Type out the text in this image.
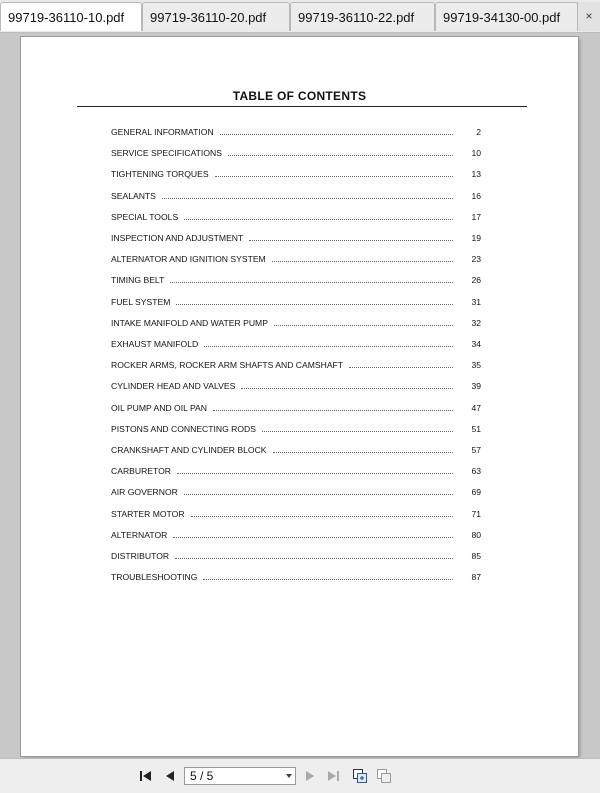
99719-36110-10.pdf	99719-36110-20.pdf	99719-36110-22.pdf	99719-34130-00.pdf	×
TABLE OF CONTENTS
GENERAL INFORMATION	2
SERVICE SPECIFICATIONS	10
TIGHTENING TORQUES	13
SEALANTS	16
SPECIAL TOOLS	17
INSPECTION AND ADJUSTMENT	19
ALTERNATOR AND IGNITION SYSTEM	23
TIMING BELT	26
FUEL SYSTEM	31
INTAKE MANIFOLD AND WATER PUMP	32
EXHAUST MANIFOLD	34
ROCKER ARMS, ROCKER ARM SHAFTS AND CAMSHAFT	35
CYLINDER HEAD AND VALVES	39
OIL PUMP AND OIL PAN	47
PISTONS AND CONNECTING RODS	51
CRANKSHAFT AND CYLINDER BLOCK	57
CARBURETOR	63
AIR GOVERNOR	69
STARTER MOTOR	71
ALTERNATOR	80
DISTRIBUTOR	85
TROUBLESHOOTING	87
5 / 5
